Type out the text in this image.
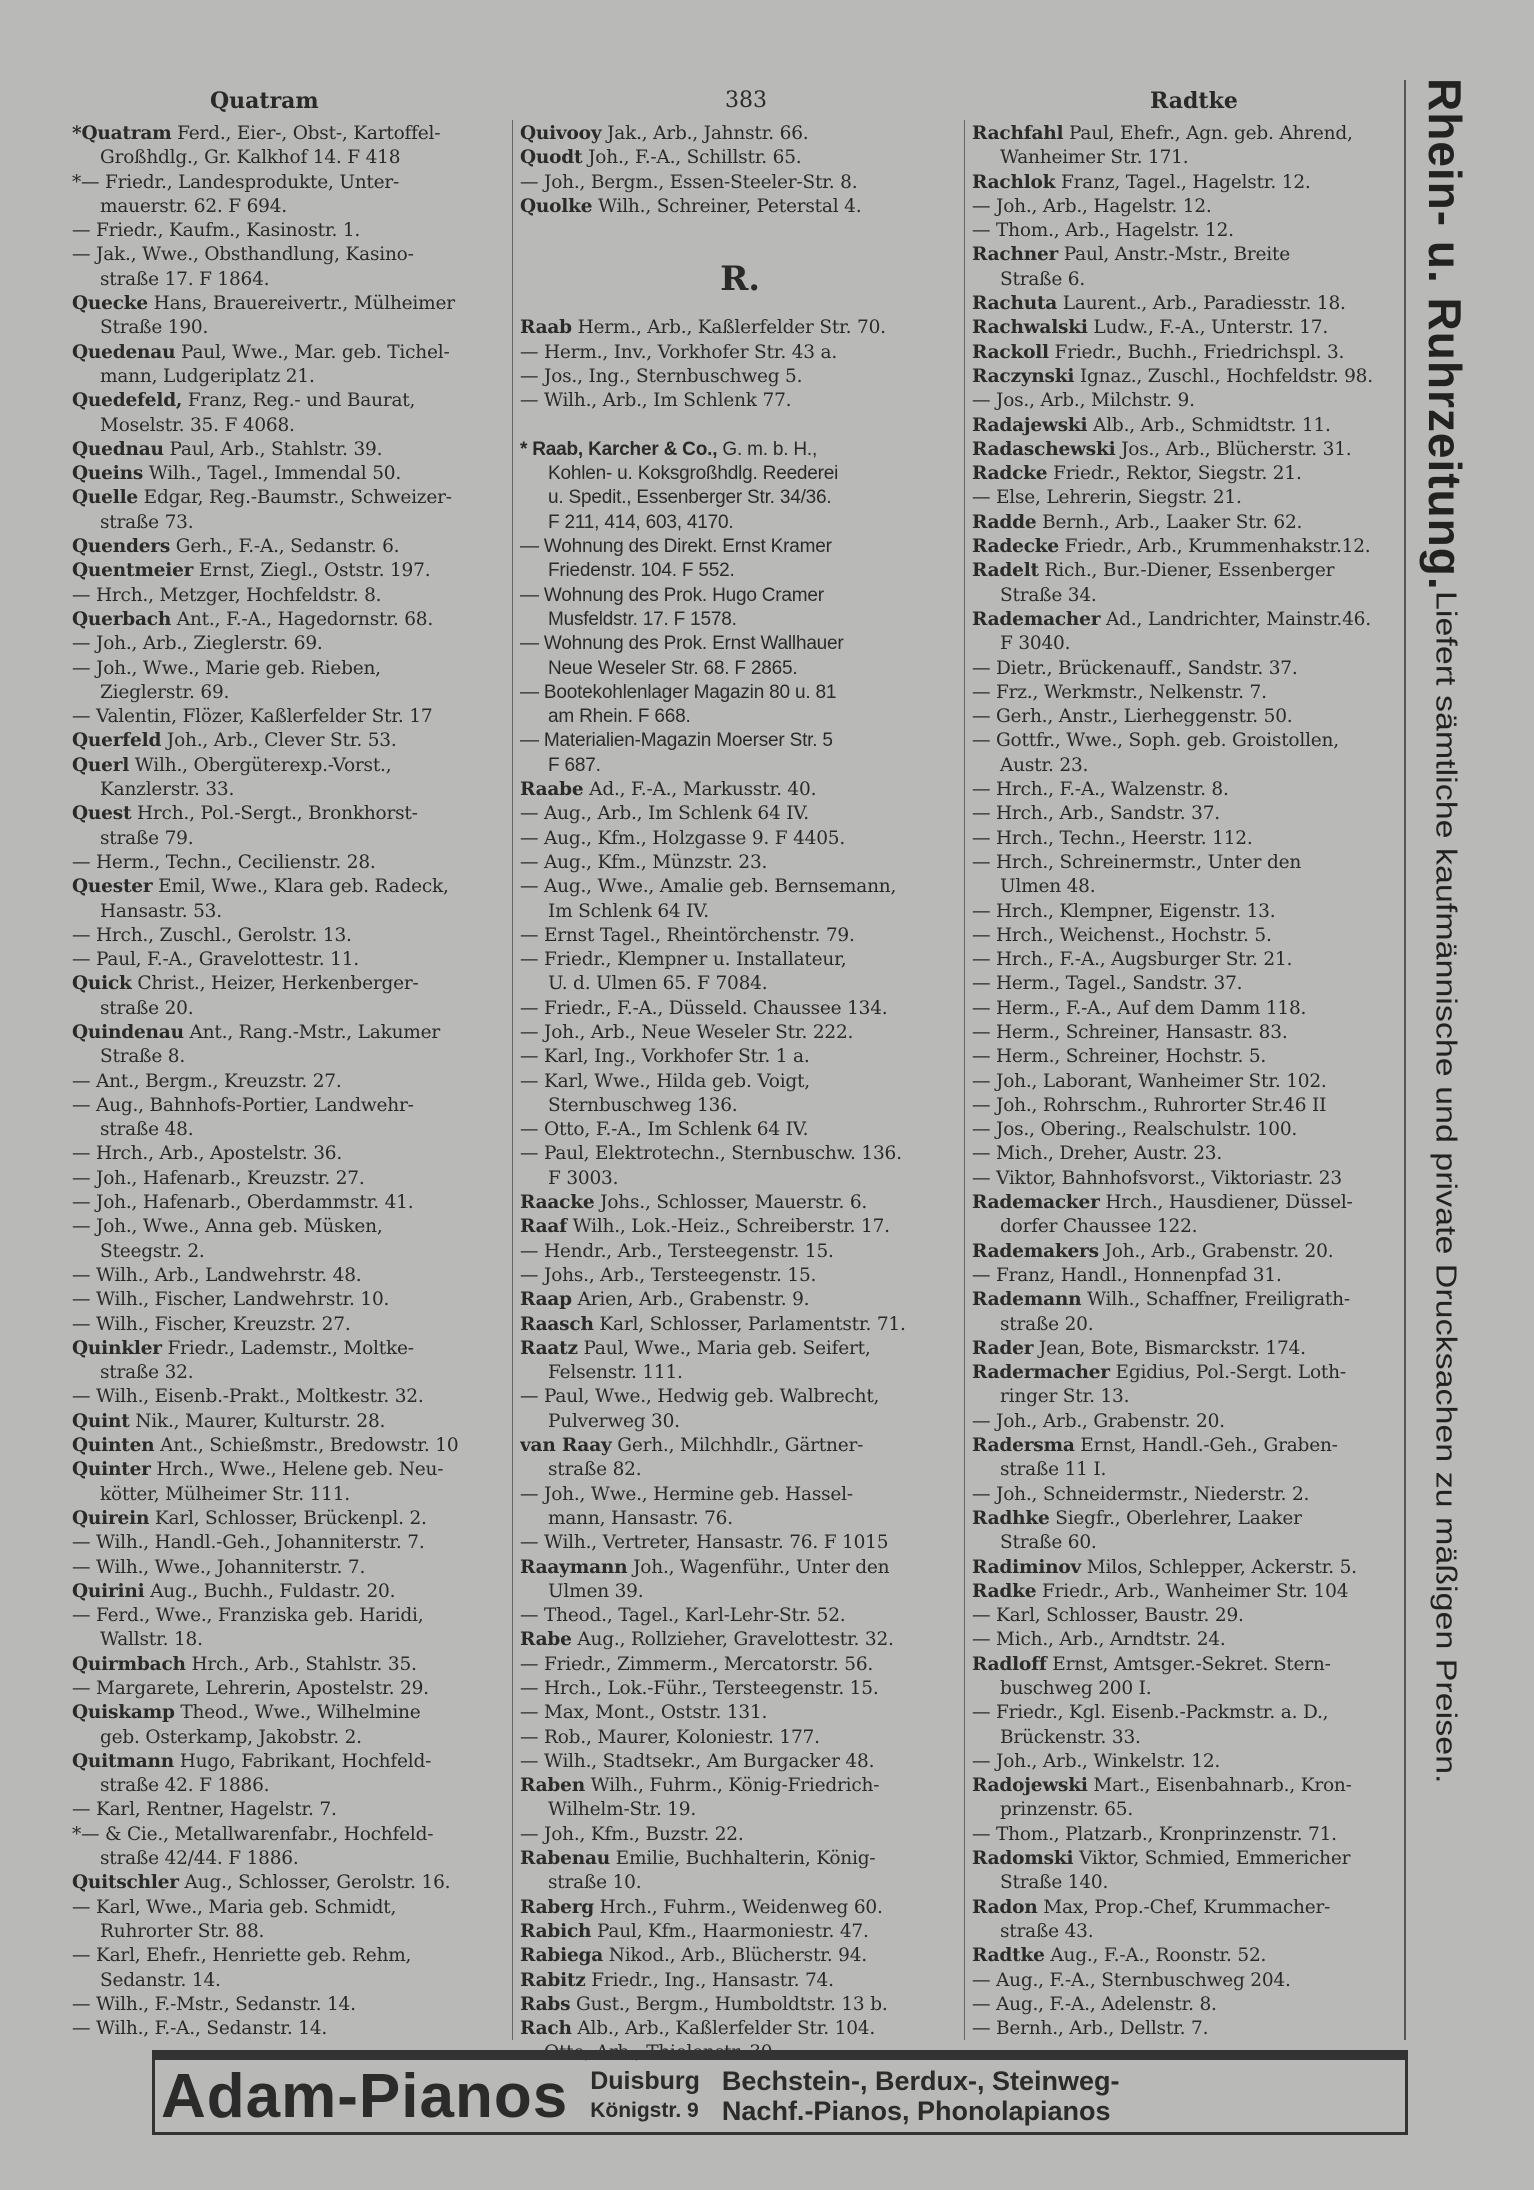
Quatram	383	Radtke
*Quatram Ferd., Eier-, Obst-, Kartoffel-
Großhdlg., Gr. Kalkhof 14. F 418
*— Friedr., Landesprodukte, Unter-
mauerstr. 62. F 694.
— Friedr., Kaufm., Kasinostr. 1.
— Jak., Wwe., Obsthandlung, Kasino-
straße 17. F 1864.
Quecke Hans, Brauereivertr., Mülheimer
Straße 190.
Quedenau Paul, Wwe., Mar. geb. Tichel-
mann, Ludgeriplatz 21.
Quedefeld, Franz, Reg.- und Baurat,
Moselstr. 35. F 4068.
Quednau Paul, Arb., Stahlstr. 39.
Queins Wilh., Tagel., Immendal 50.
Quelle Edgar, Reg.-Baumstr., Schweizer-
straße 73.
Quenders Gerh., F.-A., Sedanstr. 6.
Quentmeier Ernst, Ziegl., Oststr. 197.
— Hrch., Metzger, Hochfeldstr. 8.
Querbach Ant., F.-A., Hagedornstr. 68.
— Joh., Arb., Zieglerstr. 69.
— Joh., Wwe., Marie geb. Rieben,
Zieglerstr. 69.
— Valentin, Flözer, Kaßlerfelder Str. 17
Querfeld Joh., Arb., Clever Str. 53.
Querl Wilh., Obergüterexp.-Vorst.,
Kanzlerstr. 33.
Quest Hrch., Pol.-Sergt., Bronkhorst-
straße 79.
— Herm., Techn., Cecilienstr. 28.
Quester Emil, Wwe., Klara geb. Radeck,
Hansastr. 53.
— Hrch., Zuschl., Gerolstr. 13.
— Paul, F.-A., Gravelottestr. 11.
Quick Christ., Heizer, Herkenberger-
straße 20.
Quindenau Ant., Rang.-Mstr., Lakumer
Straße 8.
— Ant., Bergm., Kreuzstr. 27.
— Aug., Bahnhofs-Portier, Landwehr-
straße 48.
— Hrch., Arb., Apostelstr. 36.
— Joh., Hafenarb., Kreuzstr. 27.
— Joh., Hafenarb., Oberdammstr. 41.
— Joh., Wwe., Anna geb. Müsken,
Steegstr. 2.
— Wilh., Arb., Landwehrstr. 48.
— Wilh., Fischer, Landwehrstr. 10.
— Wilh., Fischer, Kreuzstr. 27.
Quinkler Friedr., Lademstr., Moltke-
straße 32.
— Wilh., Eisenb.-Prakt., Moltkestr. 32.
Quint Nik., Maurer, Kulturstr. 28.
Quinten Ant., Schießmstr., Bredowstr. 10
Quinter Hrch., Wwe., Helene geb. Neu-
kötter, Mülheimer Str. 111.
Quirein Karl, Schlosser, Brückenpl. 2.
— Wilh., Handl.-Geh., Johanniterstr. 7.
— Wilh., Wwe., Johanniterstr. 7.
Quirini Aug., Buchh., Fuldastr. 20.
— Ferd., Wwe., Franziska geb. Haridi,
Wallstr. 18.
Quirmbach Hrch., Arb., Stahlstr. 35.
— Margarete, Lehrerin, Apostelstr. 29.
Quiskamp Theod., Wwe., Wilhelmine
geb. Osterkamp, Jakobstr. 2.
Quitmann Hugo, Fabrikant, Hochfeld-
straße 42. F 1886.
— Karl, Rentner, Hagelstr. 7.
*— & Cie., Metallwarenfabr., Hochfeld-
straße 42/44. F 1886.
Quitschler Aug., Schlosser, Gerolstr. 16.
— Karl, Wwe., Maria geb. Schmidt,
Ruhrorter Str. 88.
— Karl, Ehefr., Henriette geb. Rehm,
Sedanstr. 14.
— Wilh., F.-Mstr., Sedanstr. 14.
— Wilh., F.-A., Sedanstr. 14.
Quivooy Jak., Arb., Jahnstr. 66.
Quodt Joh., F.-A., Schillstr. 65.
— Joh., Bergm., Essen-Steeler-Str. 8.
Quolke Wilh., Schreiner, Peterstal 4.
R.
Raab Herm., Arb., Kaßlerfelder Str. 70.
— Herm., Inv., Vorkhofer Str. 43 a.
— Jos., Ing., Sternbuschweg 5.
— Wilh., Arb., Im Schlenk 77.
* Raab, Karcher & Co., G. m. b. H.,
Kohlen- u. Koksgroßhdlg. Reederei
u. Spedit., Essenberger Str. 34/36.
F 211, 414, 603, 4170.
— Wohnung des Direkt. Ernst Kramer
Friedenstr. 104. F 552.
— Wohnung des Prok. Hugo Cramer
Musfeldstr. 17. F 1578.
— Wohnung des Prok. Ernst Wallhauer
Neue Weseler Str. 68. F 2865.
— Bootekohlenlager Magazin 80 u. 81
am Rhein. F 668.
— Materialien-Magazin Moerser Str. 5
F 687.
Raabe Ad., F.-A., Markusstr. 40.
— Aug., Arb., Im Schlenk 64 IV.
— Aug., Kfm., Holzgasse 9. F 4405.
— Aug., Kfm., Münzstr. 23.
— Aug., Wwe., Amalie geb. Bernsemann,
Im Schlenk 64 IV.
— Ernst Tagel., Rheintörchenstr. 79.
— Friedr., Klempner u. Installateur,
U. d. Ulmen 65. F 7084.
— Friedr., F.-A., Düsseld. Chaussee 134.
— Joh., Arb., Neue Weseler Str. 222.
— Karl, Ing., Vorkhofer Str. 1 a.
— Karl, Wwe., Hilda geb. Voigt,
Sternbuschweg 136.
— Otto, F.-A., Im Schlenk 64 IV.
— Paul, Elektrotechn., Sternbuschw. 136.
F 3003.
Raacke Johs., Schlosser, Mauerstr. 6.
Raaf Wilh., Lok.-Heiz., Schreiberstr. 17.
— Hendr., Arb., Tersteegenstr. 15.
— Johs., Arb., Tersteegenstr. 15.
Raap Arien, Arb., Grabenstr. 9.
Raasch Karl, Schlosser, Parlamentstr. 71.
Raatz Paul, Wwe., Maria geb. Seifert,
Felsenstr. 111.
— Paul, Wwe., Hedwig geb. Walbrecht,
Pulverweg 30.
van Raay Gerh., Milchhdlr., Gärtner-
straße 82.
— Joh., Wwe., Hermine geb. Hassel-
mann, Hansastr. 76.
— Wilh., Vertreter, Hansastr. 76. F 1015
Raaymann Joh., Wagenführ., Unter den
Ulmen 39.
— Theod., Tagel., Karl-Lehr-Str. 52.
Rabe Aug., Rollzieher, Gravelottestr. 32.
— Friedr., Zimmerm., Mercatorstr. 56.
— Hrch., Lok.-Führ., Tersteegenstr. 15.
— Max, Mont., Oststr. 131.
— Rob., Maurer, Koloniestr. 177.
— Wilh., Stadtsekr., Am Burgacker 48.
Raben Wilh., Fuhrm., König-Friedrich-
Wilhelm-Str. 19.
— Joh., Kfm., Buzstr. 22.
Rabenau Emilie, Buchhalterin, König-
straße 10.
Raberg Hrch., Fuhrm., Weidenweg 60.
Rabich Paul, Kfm., Haarmoniestr. 47.
Rabiega Nikod., Arb., Blücherstr. 94.
Rabitz Friedr., Ing., Hansastr. 74.
Rabs Gust., Bergm., Humboldtstr. 13 b.
Rach Alb., Arb., Kaßlerfelder Str. 104.
— Otto, Arb., Thielenstr. 30.
Rachfahl Paul, Ehefr., Agn. geb. Ahrend,
Wanheimer Str. 171.
Rachlok Franz, Tagel., Hagelstr. 12.
— Joh., Arb., Hagelstr. 12.
— Thom., Arb., Hagelstr. 12.
Rachner Paul, Anstr.-Mstr., Breite
Straße 6.
Rachuta Laurent., Arb., Paradiesstr. 18.
Rachwalski Ludw., F.-A., Unterstr. 17.
Rackoll Friedr., Buchh., Friedrichspl. 3.
Raczynski Ignaz., Zuschl., Hochfeldstr. 98.
— Jos., Arb., Milchstr. 9.
Radajewski Alb., Arb., Schmidtstr. 11.
Radaschewski Jos., Arb., Blücherstr. 31.
Radcke Friedr., Rektor, Siegstr. 21.
— Else, Lehrerin, Siegstr. 21.
Radde Bernh., Arb., Laaker Str. 62.
Radecke Friedr., Arb., Krummenhakstr.12.
Radelt Rich., Bur.-Diener, Essenberger
Straße 34.
Rademacher Ad., Landrichter, Mainstr.46.
F 3040.
— Dietr., Brückenauff., Sandstr. 37.
— Frz., Werkmstr., Nelkenstr. 7.
— Gerh., Anstr., Lierheggenstr. 50.
— Gottfr., Wwe., Soph. geb. Groistollen,
Austr. 23.
— Hrch., F.-A., Walzenstr. 8.
— Hrch., Arb., Sandstr. 37.
— Hrch., Techn., Heerstr. 112.
— Hrch., Schreinermstr., Unter den
Ulmen 48.
— Hrch., Klempner, Eigenstr. 13.
— Hrch., Weichenst., Hochstr. 5.
— Hrch., F.-A., Augsburger Str. 21.
— Herm., Tagel., Sandstr. 37.
— Herm., F.-A., Auf dem Damm 118.
— Herm., Schreiner, Hansastr. 83.
— Herm., Schreiner, Hochstr. 5.
— Joh., Laborant, Wanheimer Str. 102.
— Joh., Rohrschm., Ruhrorter Str.46 II
— Jos., Obering., Realschulstr. 100.
— Mich., Dreher, Austr. 23.
— Viktor, Bahnhofsvorst., Viktoriastr. 23
Rademacker Hrch., Hausdiener, Düssel-
dorfer Chaussee 122.
Rademakers Joh., Arb., Grabenstr. 20.
— Franz, Handl., Honnenpfad 31.
Rademann Wilh., Schaffner, Freiligrath-
straße 20.
Rader Jean, Bote, Bismarckstr. 174.
Radermacher Egidius, Pol.-Sergt. Loth-
ringer Str. 13.
— Joh., Arb., Grabenstr. 20.
Radersma Ernst, Handl.-Geh., Graben-
straße 11 I.
— Joh., Schneidermstr., Niederstr. 2.
Radhke Siegfr., Oberlehrer, Laaker
Straße 60.
Radiminov Milos, Schlepper, Ackerstr. 5.
Radke Friedr., Arb., Wanheimer Str. 104
— Karl, Schlosser, Baustr. 29.
— Mich., Arb., Arndtstr. 24.
Radloff Ernst, Amtsger.-Sekret. Stern-
buschweg 200 I.
— Friedr., Kgl. Eisenb.-Packmstr. a. D.,
Brückenstr. 33.
— Joh., Arb., Winkelstr. 12.
Radojewski Mart., Eisenbahnarb., Kron-
prinzenstr. 65.
— Thom., Platzarb., Kronprinzenstr. 71.
Radomski Viktor, Schmied, Emmericher
Straße 140.
Radon Max, Prop.-Chef, Krummacher-
straße 43.
Radtke Aug., F.-A., Roonstr. 52.
— Aug., F.-A., Sternbuschweg 204.
— Aug., F.-A., Adelenstr. 8.
— Bernh., Arb., Dellstr. 7.
Rhein- u. Ruhrzeitung.
Liefert sämtliche kaufmännische und private Drucksachen zu mäßigen Preisen.
Adam-Pianos Duisburg
Königstr. 9
Bechstein-, Berdux-, Steinweg-
Nachf.-Pianos, Phonolapianos
